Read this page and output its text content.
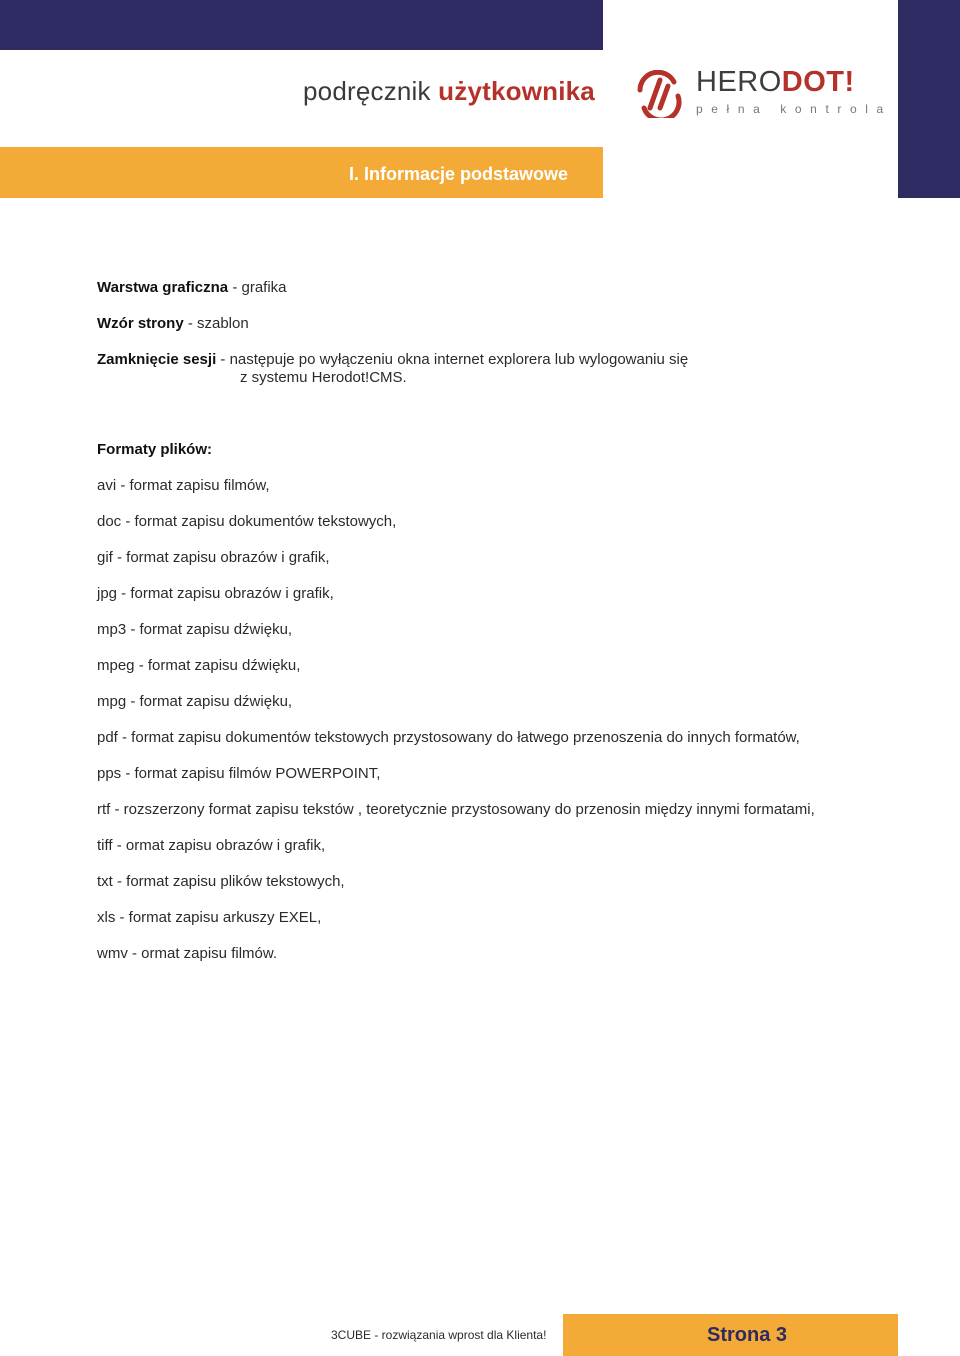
podręcznik użytkownika	HERODOT!
pełna kontrola
I. Informacje podstawowe
Warstwa graficzna - grafika
Wzór strony - szablon
Zamknięcie sesji - następuje po wyłączeniu okna internet explorera lub wylogowaniu się
z systemu Herodot!CMS.
Formaty plików:
avi - format zapisu filmów,
doc - format zapisu dokumentów tekstowych,
gif - format zapisu obrazów i grafik,
jpg - format zapisu obrazów i grafik,
mp3 - format zapisu dźwięku,
mpeg - format zapisu dźwięku,
mpg - format zapisu dźwięku,
pdf - format zapisu dokumentów tekstowych przystosowany do łatwego przenoszenia do innych formatów,
pps - format zapisu filmów POWERPOINT,
rtf - rozszerzony format zapisu tekstów , teoretycznie przystosowany do przenosin między innymi formatami,
tiff - ormat zapisu obrazów i grafik,
txt - format zapisu plików tekstowych,
xls - format zapisu arkuszy EXEL,
wmv - ormat zapisu filmów.
3CUBE - rozwiązania wprost dla Klienta!	Strona 3
